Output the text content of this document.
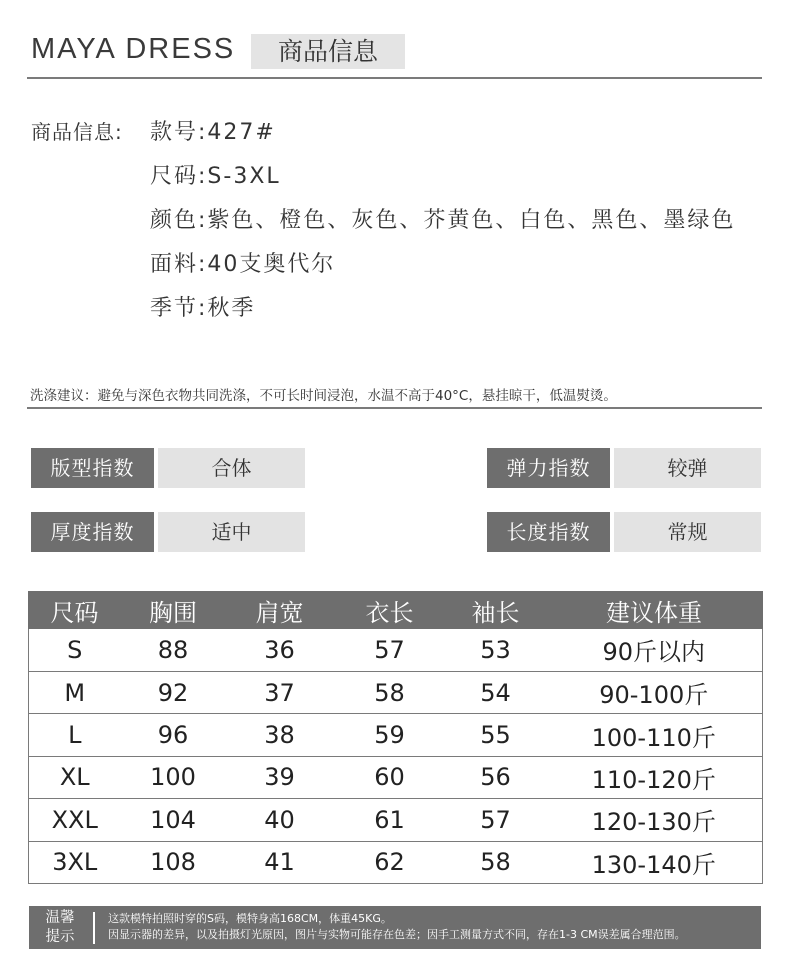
MAYA DRESS	商品信息
商品信息: 款号:427#
尺码:S-3XL
颜色:紫色、橙色、灰色、芥黄色、白色、黑色、墨绿色
面料:40支奥代尔
季节:秋季
洗涤建议：避免与深色衣物共同洗涤，不可长时间浸泡，水温不高于40°C，悬挂晾干，低温熨烫。
版型指数	合体	弹力指数	较弹
厚度指数	适中	长度指数	常规
尺码	胸围	肩宽	衣长	袖长	建议体重
S	88	36	57	53	90斤以内
M	92	37	58	54	90-100斤
L	96	38	59	55	100-110斤
XL	100	39	60	56	110-120斤
XXL	104	40	61	57	120-130斤
3XL	108	41	62	58	130-140斤
温馨
提示
这款模特拍照时穿的S码，模特身高168CM，体重45KG。
因显示器的差异，以及拍摄灯光原因，图片与实物可能存在色差；因手工测量方式不同，存在1-3 CM误差属合理范围。
